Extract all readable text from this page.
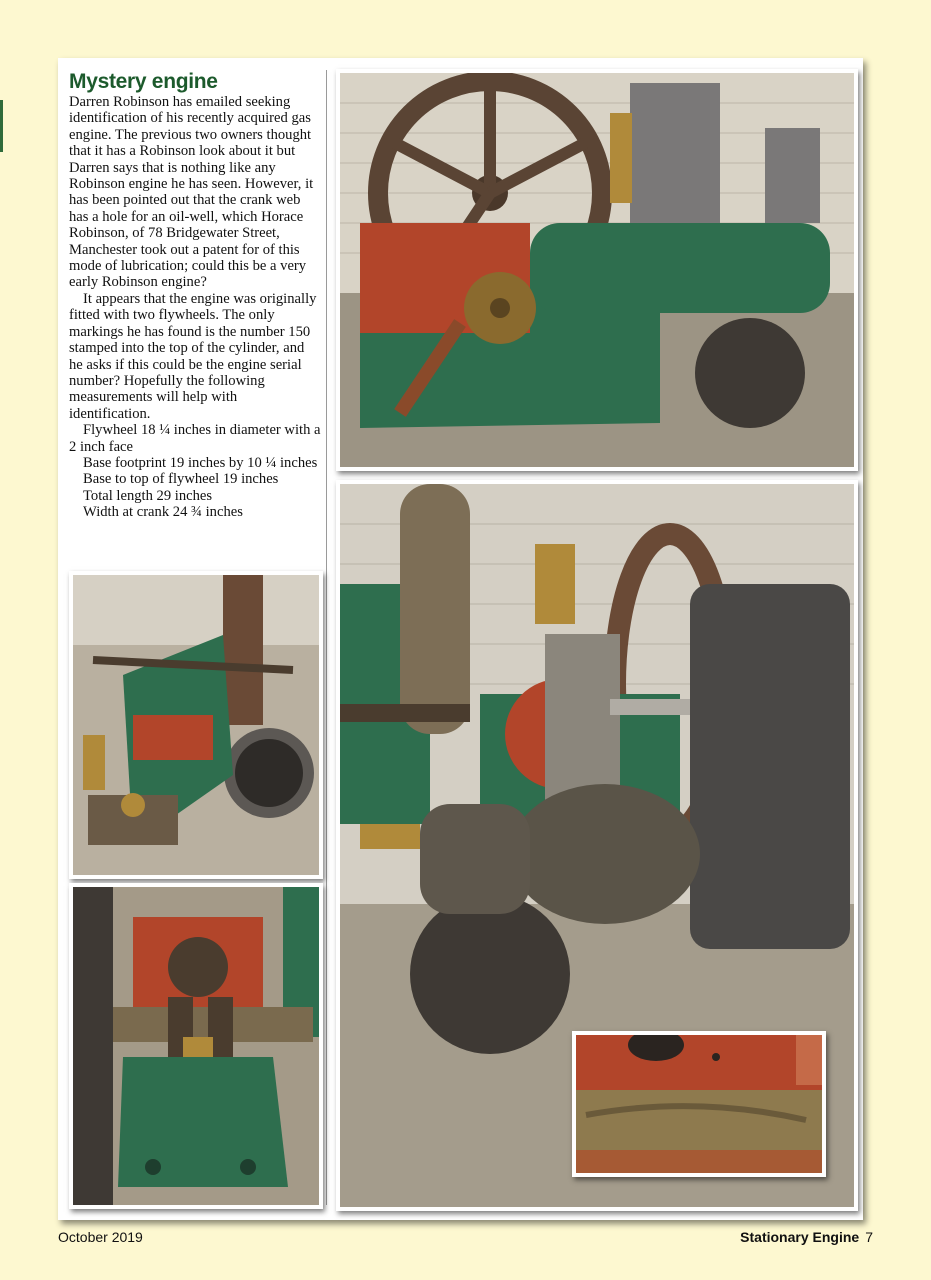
Mystery engine

Darren Robinson has emailed seeking identification of his recently acquired gas engine. The previous two owners thought that it has a Robinson look about it but Darren says that is nothing like any Robinson engine he has seen. However, it has been pointed out that the crank web has a hole for an oil-well, which Horace Robinson, of 78 Bridgewater Street, Manchester took out a patent for of this mode of lubrication; could this be a very early Robinson engine?

It appears that the engine was originally fitted with two flywheels. The only markings he has found is the number 150 stamped into the top of the cylinder, and he asks if this could be the engine serial number? Hopefully the following measurements will help with identification.

Flywheel 18 ¼ inches in diameter with a 2 inch face

Base footprint 19 inches by 10 ¼ inches

Base to top of flywheel 19 inches

Total length 29 inches

Width at crank 24 ¾ inches

October 2019	Stationary Engine 7
